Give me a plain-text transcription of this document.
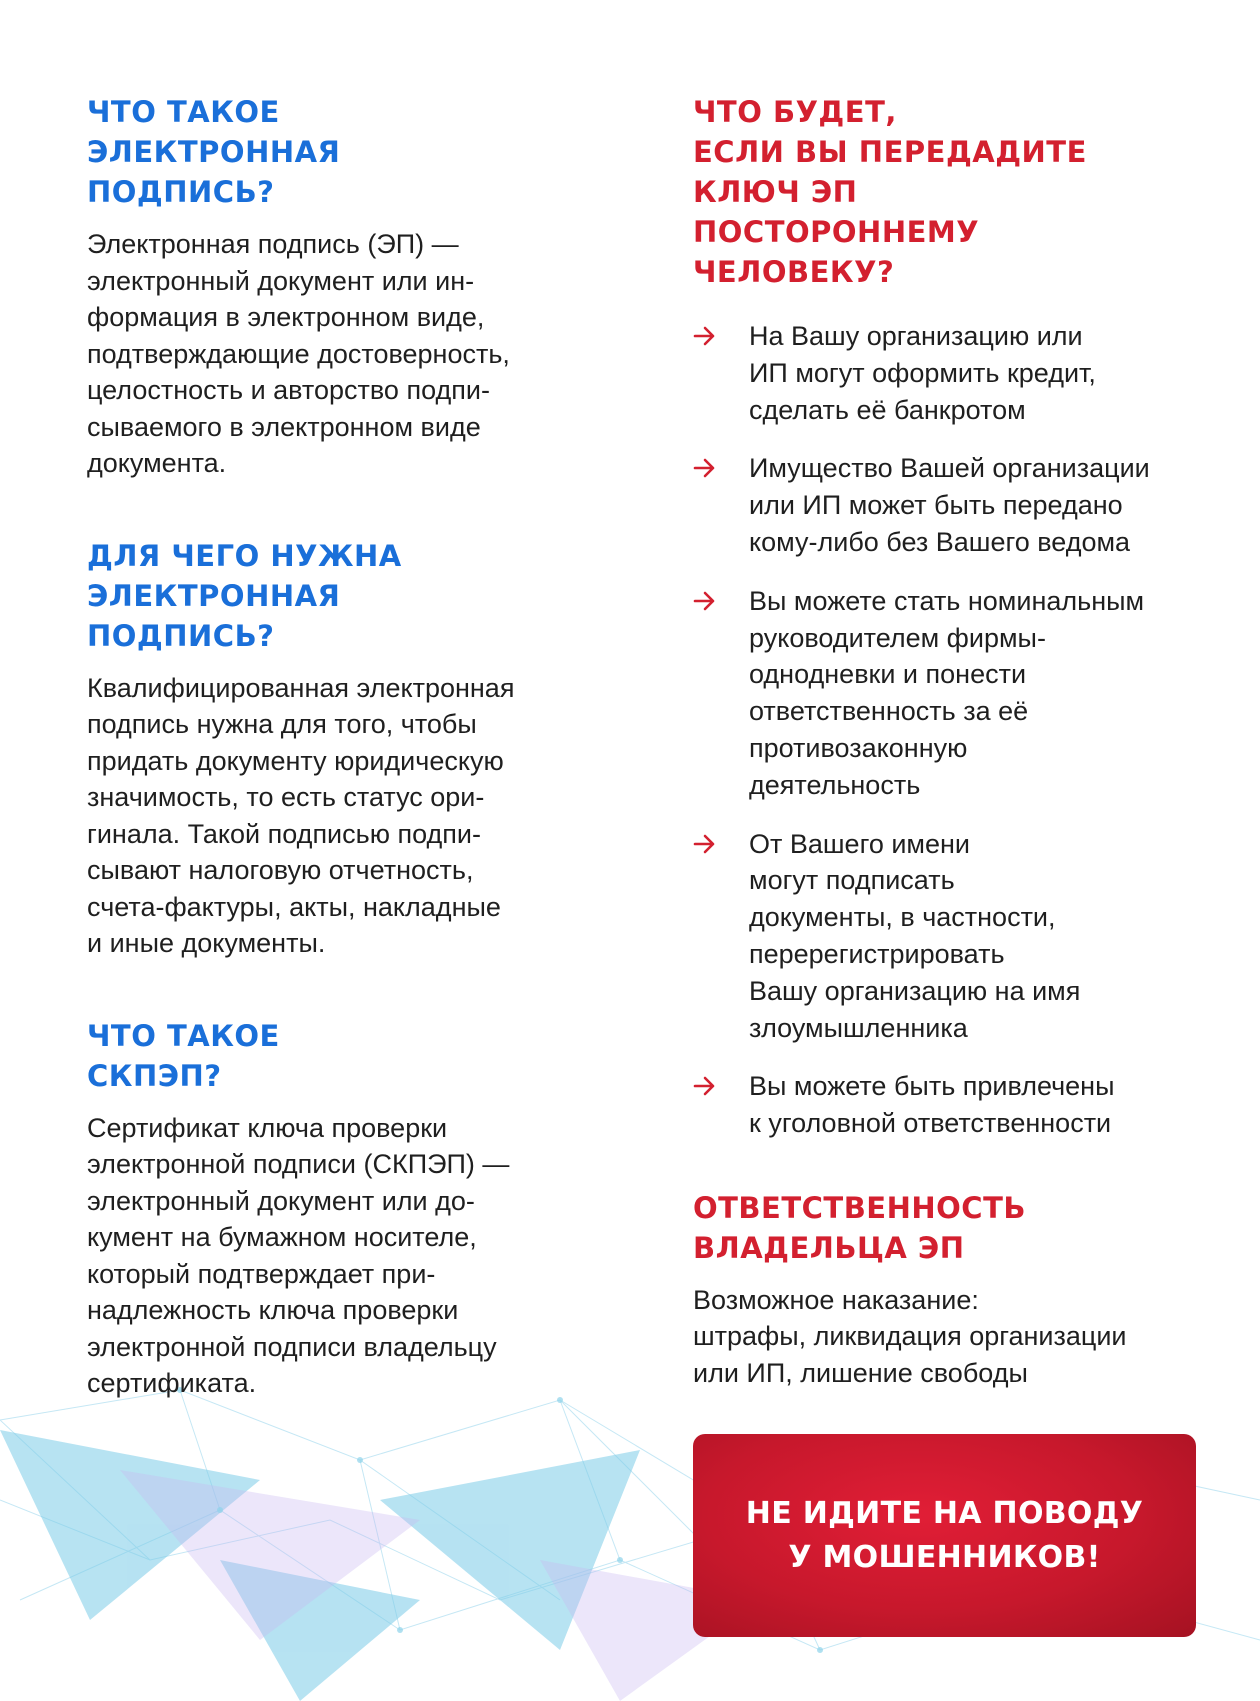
ЧТО ТАКОЕ
ЭЛЕКТРОННАЯ
ПОДПИСЬ?

Электронная подпись (ЭП) —
электронный документ или ин-
формация в электронном виде,
подтверждающие достоверность,
целостность и авторство подпи-
сываемого в электронном виде
документа.

ДЛЯ ЧЕГО НУЖНА
ЭЛЕКТРОННАЯ
ПОДПИСЬ?

Квалифицированная электронная
подпись нужна для того, чтобы
придать документу юридическую
значимость, то есть статус ори-
гинала. Такой подписью подпи-
сывают налоговую отчетность,
счета-фактуры, акты, накладные
и иные документы.

ЧТО ТАКОЕ
СКПЭП?

Сертификат ключа проверки
электронной подписи (СКПЭП) —
электронный документ или до-
кумент на бумажном носителе,
который подтверждает при-
надлежность ключа проверки
электронной подписи владельцу
сертификата.

ЧТО БУДЕТ,
ЕСЛИ ВЫ ПЕРЕДАДИТЕ
КЛЮЧ ЭП
ПОСТОРОННЕМУ
ЧЕЛОВЕКУ?
На Вашу организацию или
ИП могут оформить кредит,
сделать её банкротом
Имущество Вашей организации
или ИП может быть передано
кому-либо без Вашего ведома
Вы можете стать номинальным
руководителем фирмы-
однодневки и понести
ответственность за её
противозаконную
деятельность
От Вашего имени
могут подписать
документы, в частности,
перерегистрировать
Вашу организацию на имя
злоумышленника
Вы можете быть привлечены
к уголовной ответственности
ОТВЕТСТВЕННОСТЬ
ВЛАДЕЛЬЦА ЭП

Возможное наказание:
штрафы, ликвидация организации
или ИП, лишение свободы

НЕ ИДИТЕ НА ПОВОДУ
У МОШЕННИКОВ!
